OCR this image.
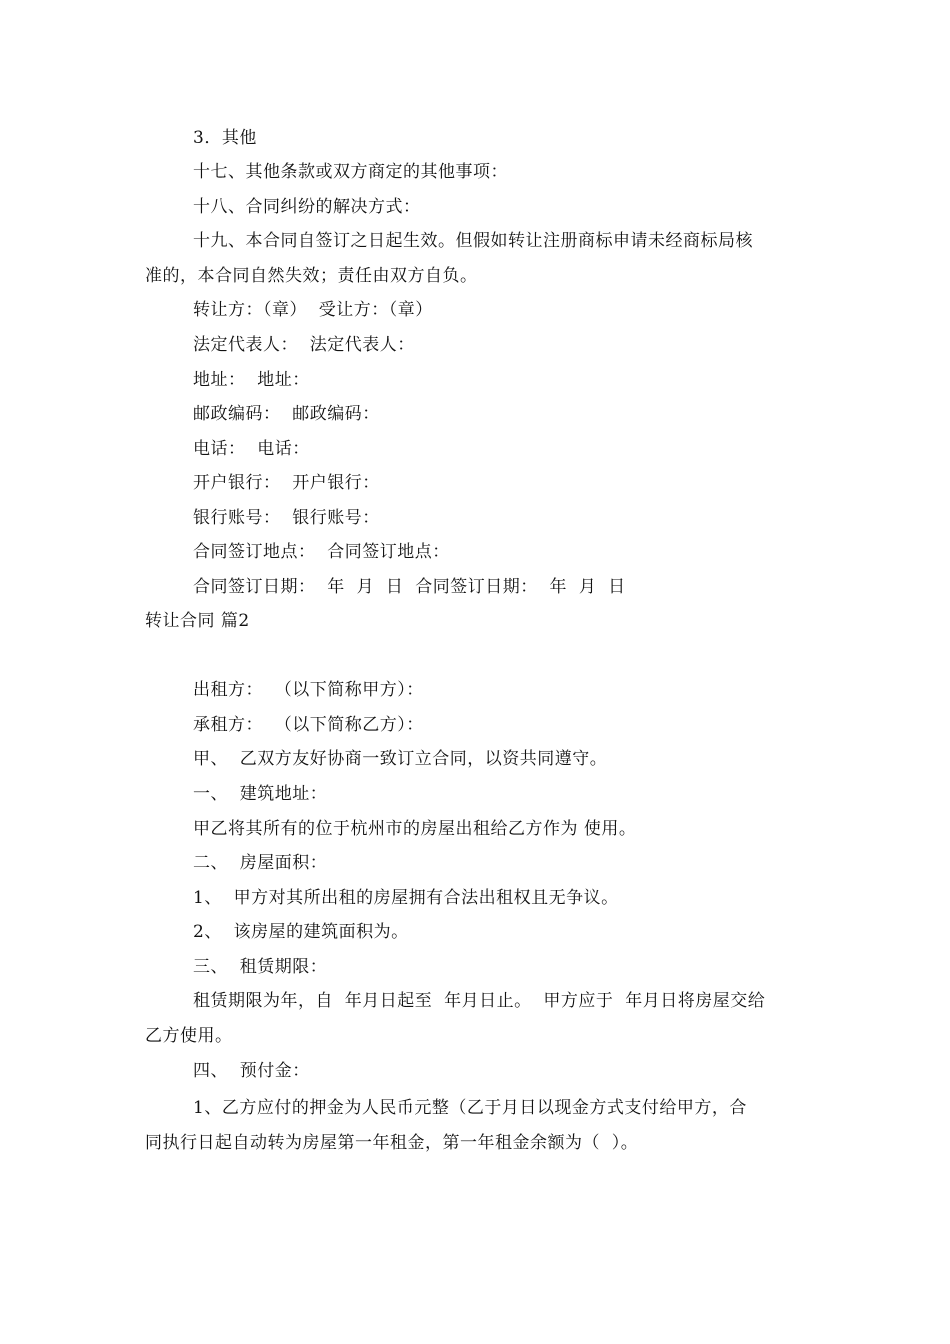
3．其他
十七、其他条款或双方商定的其他事项：
十八、合同纠纷的解决方式：
十九、本合同自签订之日起生效。但假如转让注册商标申请未经商标局核
准的，本合同自然失效；责任由双方自负。
转让方：（章）  受让方：（章）
法定代表人：  法定代表人：
地址：  地址：
邮政编码：  邮政编码：
电话：  电话：
开户银行：  开户银行：
银行账号：  银行账号：
合同签订地点：  合同签订地点：
合同签订日期：  年  月  日  合同签订日期：  年  月  日
转让合同 篇2
出租方：  （以下简称甲方）：
承租方：  （以下简称乙方）：
甲、  乙双方友好协商一致订立合同，以资共同遵守。
一、  建筑地址：
甲乙将其所有的位于杭州市的房屋出租给乙方作为 使用。
二、  房屋面积：
1、  甲方对其所出租的房屋拥有合法出租权且无争议。
2、  该房屋的建筑面积为。
三、  租赁期限：
租赁期限为年，自  年月日起至  年月日止。  甲方应于  年月日将房屋交给
乙方使用。
四、  预付金：
1、乙方应付的押金为人民币元整（乙于月日以现金方式支付给甲方，合
同执行日起自动转为房屋第一年租金，第一年租金余额为（  ）。
